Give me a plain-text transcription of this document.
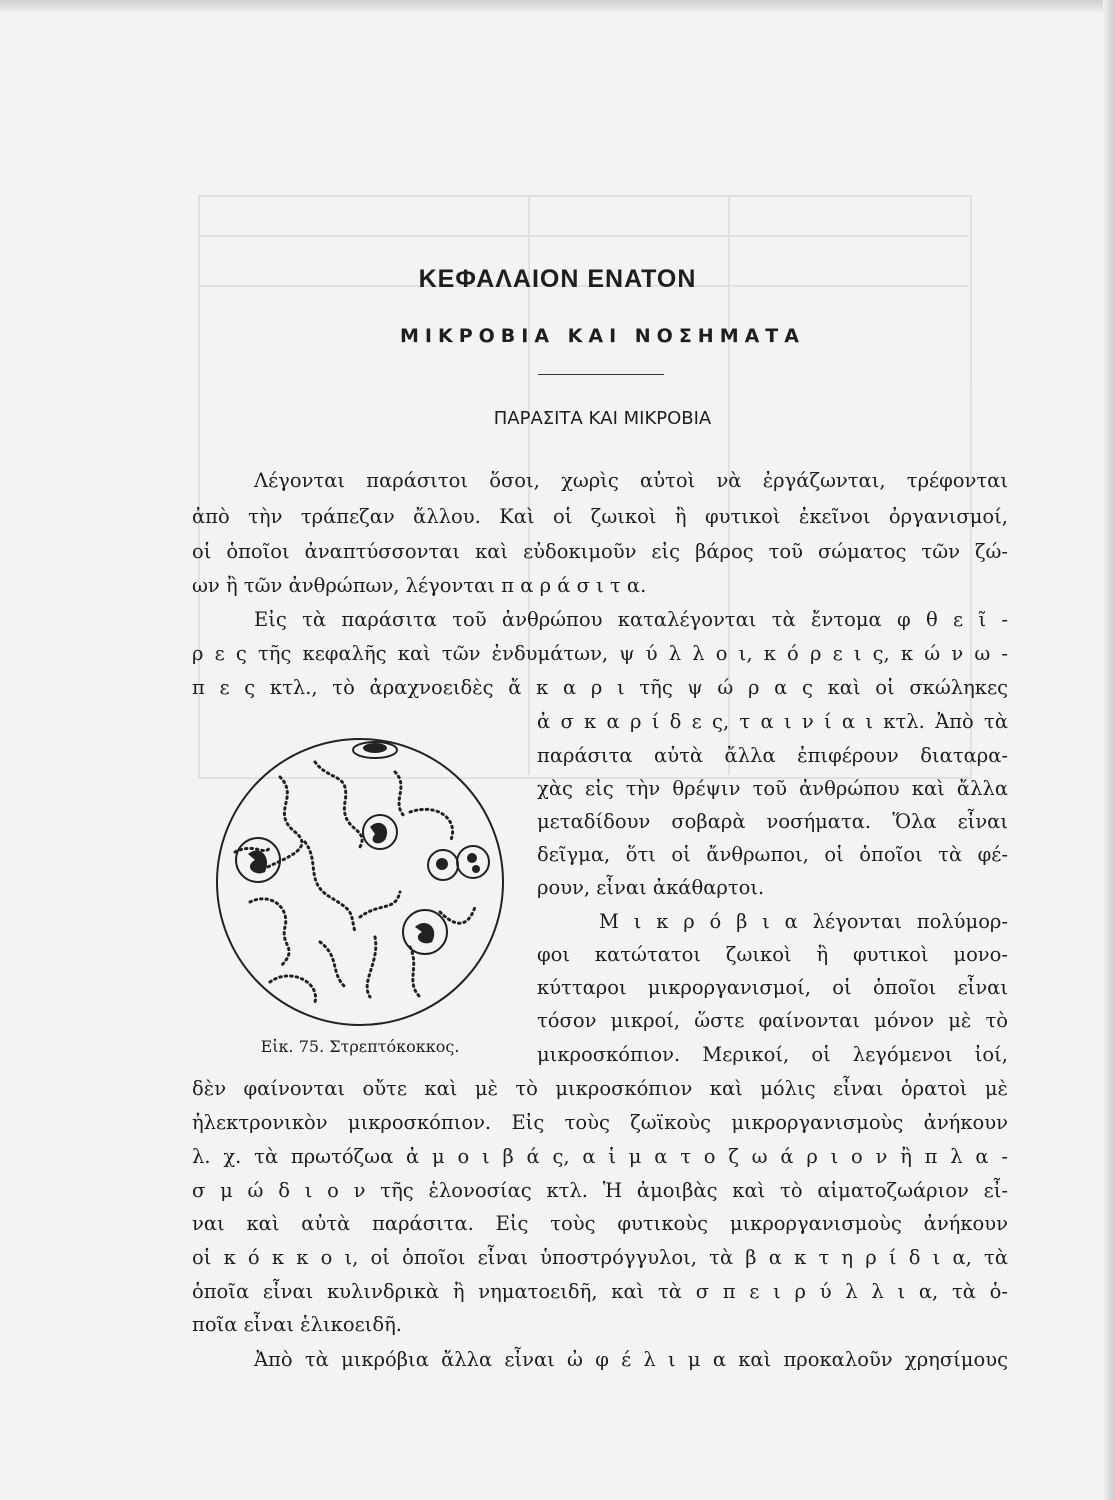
ΚΕΦΑΛΑΙΟΝ ΕΝΑΤΟΝ
ΜΙΚΡΟΒΙΑ ΚΑΙ ΝΟΣΗΜΑΤΑ
ΠΑΡΑΣΙΤΑ ΚΑΙ ΜΙΚΡΟΒΙΑ
Λέγονται παράσιτοι ὅσοι, χωρὶς αὐτοὶ νὰ ἐργάζωνται, τρέφονται
ἀπὸ τὴν τράπεζαν ἄλλου. Καὶ οἱ ζωικοὶ ἢ φυτικοὶ ἐκεῖνοι ὀργανισμοί,
οἱ ὁποῖοι ἀναπτύσσονται καὶ εὐδοκιμοῦν εἰς βάρος τοῦ σώματος τῶν ζώ-
ων ἢ τῶν ἀνθρώπων, λέγονται π α ρ ά σ ι τ α.
Εἰς τὰ παράσιτα τοῦ ἀνθρώπου καταλέγονται τὰ ἔντομα φ θ ε ῖ -
ρ ε ς τῆς κεφαλῆς καὶ τῶν ἐνδυμάτων, ψ ύ λ λ ο ι, κ ό ρ ε ι ς, κ ώ ν ω -
π ε ς κτλ., τὸ ἀραχνοειδὲς ἄ κ α ρ ι τῆς ψ ώ ρ α ς καὶ οἱ σκώληκες
ἀ σ κ α ρ ί δ ε ς, τ α ι ν ί α ι κτλ. Ἀπὸ τὰ
παράσιτα αὐτὰ ἄλλα ἐπιφέρουν διαταρα-
χὰς εἰς τὴν θρέψιν τοῦ ἀνθρώπου καὶ ἄλλα
μεταδίδουν σοβαρὰ νοσήματα. Ὅλα εἶναι
δεῖγμα, ὅτι οἱ ἄνθρωποι, οἱ ὁποῖοι τὰ φέ-
ρουν, εἶναι ἀκάθαρτοι.
Μ ι κ ρ ό β ι α λέγονται πολύμορ-
φοι κατώτατοι ζωικοὶ ἢ φυτικοὶ μονο-
κύτταροι μικροργανισμοί, οἱ ὁποῖοι εἶναι
τόσον μικροί, ὥστε φαίνονται μόνον μὲ τὸ
μικροσκόπιον. Μερικοί, οἱ λεγόμενοι ἰοί,
δὲν φαίνονται οὔτε καὶ μὲ τὸ μικροσκόπιον καὶ μόλις εἶναι ὁρατοὶ μὲ
ἠλεκτρονικὸν μικροσκόπιον. Εἰς τοὺς ζωϊκοὺς μικροργανισμοὺς ἀνήκουν
λ. χ. τὰ πρωτόζωα ἀ μ ο ι β ά ς, α ἱ μ α τ ο ζ ω ά ρ ι ο ν ἢ π λ α -
σ μ ώ δ ι ο ν τῆς ἑλονοσίας κτλ. Ἡ ἀμοιβὰς καὶ τὸ αἱματοζωάριον εἶ-
ναι καὶ αὐτὰ παράσιτα. Εἰς τοὺς φυτικοὺς μικροργανισμοὺς ἀνήκουν
οἱ κ ό κ κ ο ι, οἱ ὁποῖοι εἶναι ὑποστρόγγυλοι, τὰ β α κ τ η ρ ί δ ι α, τὰ
ὁποῖα εἶναι κυλινδρικὰ ἢ νηματοειδῆ, καὶ τὰ σ π ε ι ρ ύ λ λ ι α, τὰ ὁ-
ποῖα εἶναι ἑλικοειδῆ.
Ἀπὸ τὰ μικρόβια ἄλλα εἶναι ὠ φ έ λ ι μ α καὶ προκαλοῦν χρησίμους
Εἰκ. 75. Στρεπτόκοκκος.
